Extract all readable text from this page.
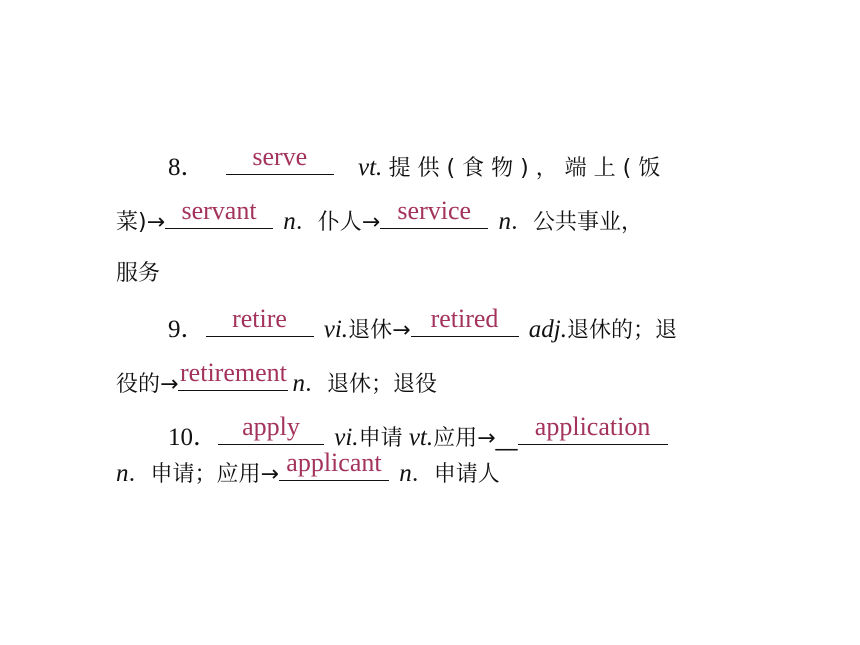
8． serve vt. 提 供 ( 食 物 ) ， 端 上 ( 饭
菜)→ servant n．仆人→ service n．公共事业，
服务
9． retire vi.退休→ retired adj.退休的；退
役的→ retirement n．退休；退役
10． apply vi.申请 vt.应用→__ application
n．申请；应用→ applicant n．申请人
